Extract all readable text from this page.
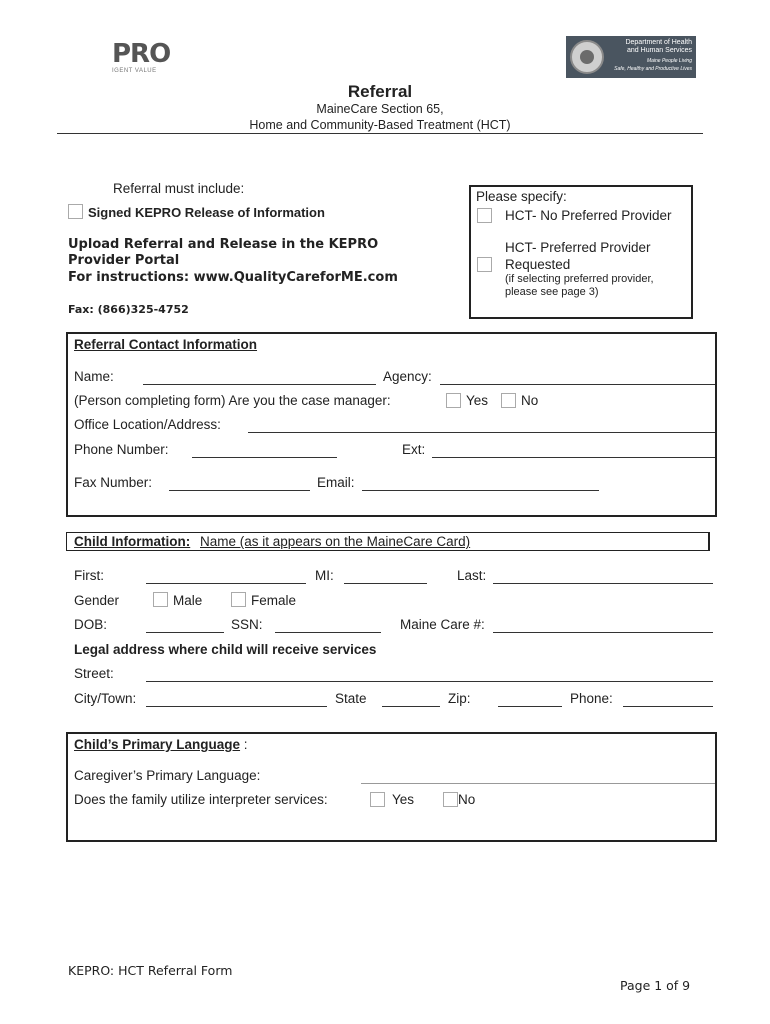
PRO
IGENT VALUE
Department of Health
and Human Services
Maine People Living
Safe, Healthy and Productive Lives
Referral
MaineCare Section 65,
Home and Community-Based Treatment (HCT)
Referral must include:
Signed KEPRO Release of Information
Upload Referral and Release in the KEPRO
Provider Portal
For instructions: www.QualityCareforME.com
Fax: (866)325-4752
Please specify:
HCT- No Preferred Provider
HCT- Preferred Provider
Requested
(if selecting preferred provider,
please see page 3)
Referral Contact Information
Name:	Agency:
(Person completing form) Are you the case manager:	Yes No
Office Location/Address:
Phone Number:	Ext:
Fax Number:	Email:
Child Information: Name (as it appears on the MaineCare Card)
First:	MI:	Last:
Gender	Male	Female
DOB:	SSN:	Maine Care #:
Legal address where child will receive services
Street:
City/Town:	State	Zip:	Phone:
Child’s Primary Language :
Caregiver’s Primary Language:
Does the family utilize interpreter services:	Yes	No
KEPRO: HCT Referral Form
Page 1 of 9
